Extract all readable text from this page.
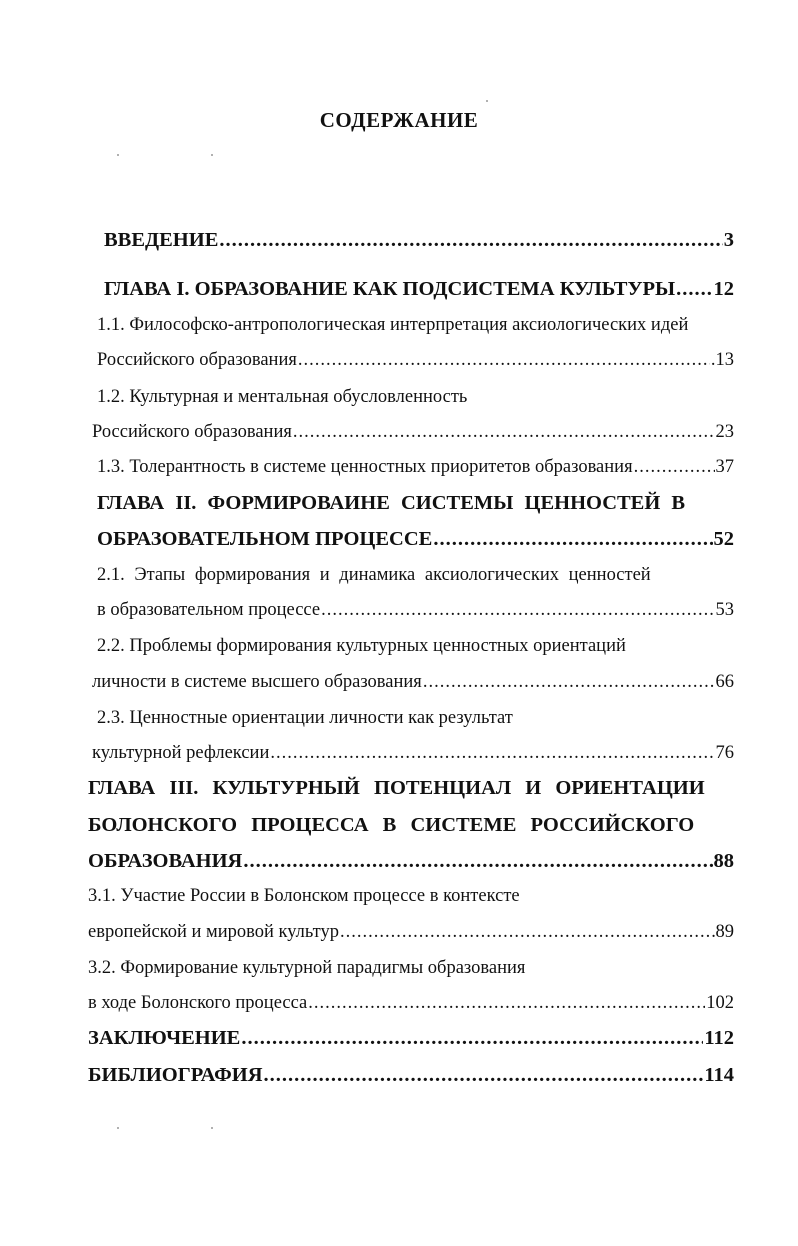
СОДЕРЖАНИЕ
ВВЕДЕНИЕ .....	3
ГЛАВА I. ОБРАЗОВАНИЕ КАК ПОДСИСТЕМА КУЛЬТУРЫ ..... 12
1.1. Философско-антропологическая интерпретация аксиологических идей
Российского образования .....	.13
1.2. Культурная и ментальная обусловленность
Российского образования .....	23
1.3. Толерантность в системе ценностных приоритетов образования .....	37
ГЛАВА II. ФОРМИРОВАИНЕ СИСТЕМЫ ЦЕННОСТЕЙ В
ОБРАЗОВАТЕЛЬНОМ ПРОЦЕССЕ .....	52
2.1. Этапы формирования и динамика аксиологических ценностей
в образовательном процессе .....	53
2.2. Проблемы формирования культурных ценностных ориентаций
личности в системе высшего образования .....	66
2.3. Ценностные ориентации личности как результат
культурной рефлексии .....	76
ГЛАВА III. КУЛЬТУРНЫЙ ПОТЕНЦИАЛ И ОРИЕНТАЦИИ
БОЛОНСКОГО ПРОЦЕССА В СИСТЕМЕ РОССИЙСКОГО
ОБРАЗОВАНИЯ .....	88
3.1. Участие России в Болонском процессе в контексте
европейской и мировой культур .....	89
3.2. Формирование культурной парадигмы образования
в ходе Болонского процесса .....	102
ЗАКЛЮЧЕНИЕ .....	112
БИБЛИОГРАФИЯ .....	114
